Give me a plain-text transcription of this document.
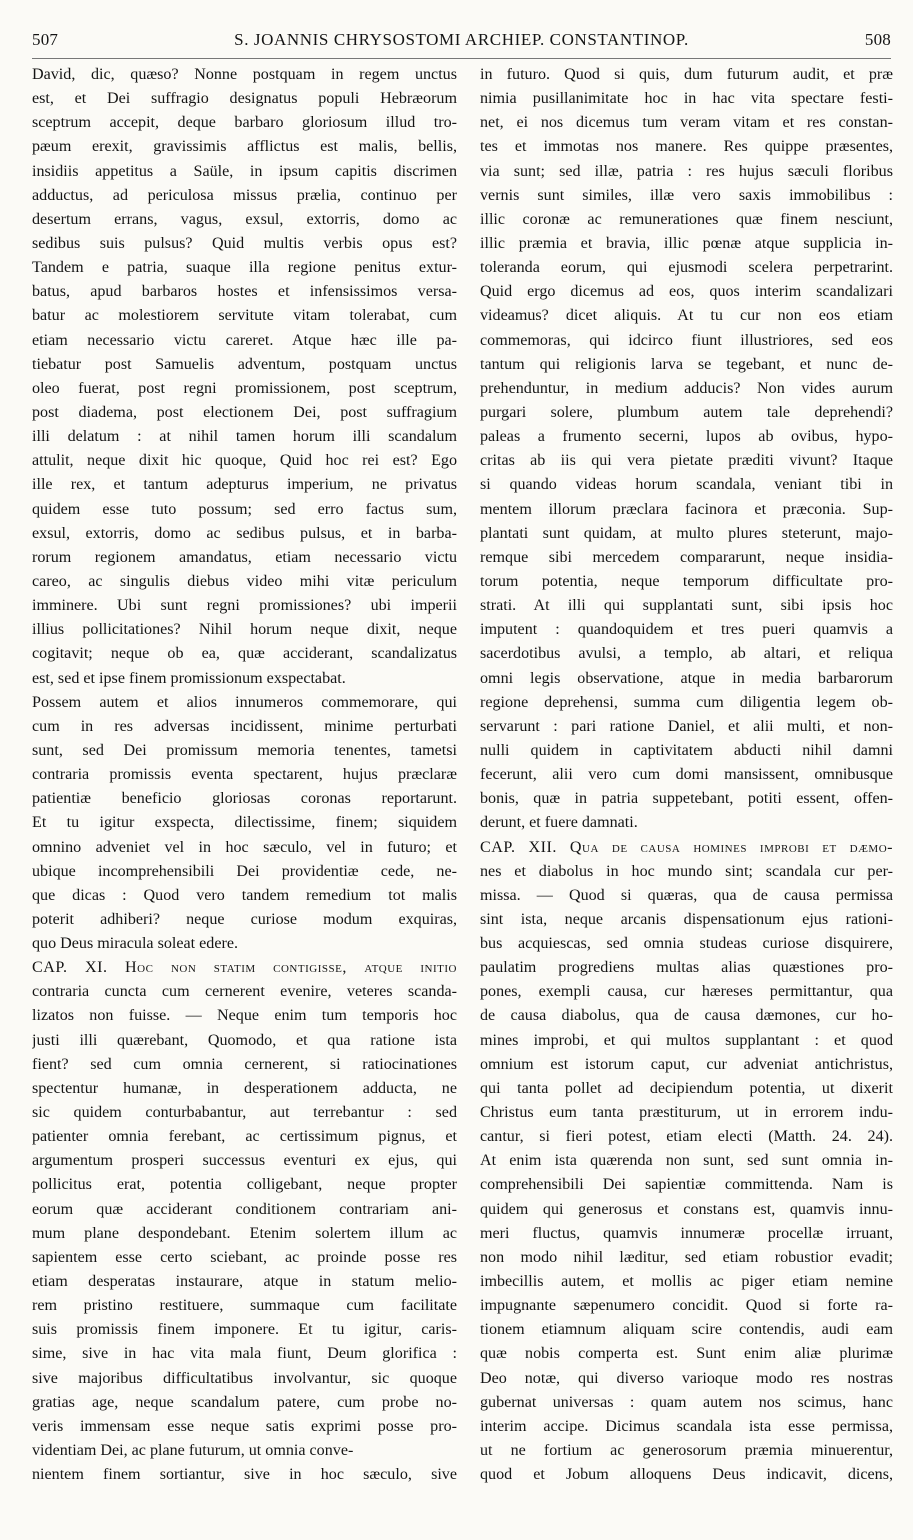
507	S. JOANNIS CHRYSOSTOMI ARCHIEP. CONSTANTINOP.	508
David, dic, quæso? Nonne postquam in regem unctus
est, et Dei suffragio designatus populi Hebræorum
sceptrum accepit, deque barbaro gloriosum illud tro-
pæum erexit, gravissimis afflictus est malis, bellis,
insidiis appetitus a Saüle, in ipsum capitis discrimen
adductus, ad periculosa missus prælia, continuo per
desertum errans, vagus, exsul, extorris, domo ac
sedibus suis pulsus? Quid multis verbis opus est?
Tandem e patria, suaque illa regione penitus extur-
batus, apud barbaros hostes et infensissimos versa-
batur ac molestiorem servitute vitam tolerabat, cum
etiam necessario victu careret. Atque hæc ille pa-
tiebatur post Samuelis adventum, postquam unctus
oleo fuerat, post regni promissionem, post sceptrum,
post diadema, post electionem Dei, post suffragium
illi delatum : at nihil tamen horum illi scandalum
attulit, neque dixit hic quoque, Quid hoc rei est? Ego
ille rex, et tantum adepturus imperium, ne privatus
quidem esse tuto possum; sed erro factus sum,
exsul, extorris, domo ac sedibus pulsus, et in barba-
rorum regionem amandatus, etiam necessario victu
careo, ac singulis diebus video mihi vitæ periculum
imminere. Ubi sunt regni promissiones? ubi imperii
illius pollicitationes? Nihil horum neque dixit, neque
cogitavit; neque ob ea, quæ acciderant, scandalizatus
est, sed et ipse finem promissionum exspectabat.
Possem autem et alios innumeros commemorare, qui
cum in res adversas incidissent, minime perturbati
sunt, sed Dei promissum memoria tenentes, tametsi
contraria promissis eventa spectarent, hujus præclaræ
patientiæ beneficio gloriosas coronas reportarunt.
Et tu igitur exspecta, dilectissime, finem; siquidem
omnino adveniet vel in hoc sæculo, vel in futuro; et
ubique incomprehensibili Dei providentiæ cede, ne-
que dicas : Quod vero tandem remedium tot malis
poterit adhiberi? neque curiose modum exquiras,
quo Deus miracula soleat edere.
CAP. XI. Hoc non statim contigisse, atque initio
contraria cuncta cum cernerent evenire, veteres scanda-
lizatos non fuisse. — Neque enim tum temporis hoc
justi illi quærebant, Quomodo, et qua ratione ista
fient? sed cum omnia cernerent, si ratiocinationes
spectentur humanæ, in desperationem adducta, ne
sic quidem conturbabantur, aut terrebantur : sed
patienter omnia ferebant, ac certissimum pignus, et
argumentum prosperi successus eventuri ex ejus, qui
pollicitus erat, potentia colligebant, neque propter
eorum quæ acciderant conditionem contrariam ani-
mum plane despondebant. Etenim solertem illum ac
sapientem esse certo sciebant, ac proinde posse res
etiam desperatas instaurare, atque in statum melio-
rem pristino restituere, summaque cum facilitate
suis promissis finem imponere. Et tu igitur, caris-
sime, sive in hac vita mala fiunt, Deum glorifica :
sive majoribus difficultatibus involvantur, sic quoque
gratias age, neque scandalum patere, cum probe no-
veris immensam esse neque satis exprimi posse pro-
videntiam Dei, ac plane futurum, ut omnia conve-
nientem finem sortiantur, sive in hoc sæculo, sive
in futuro. Quod si quis, dum futurum audit, et præ
nimia pusillanimitate hoc in hac vita spectare festi-
net, ei nos dicemus tum veram vitam et res constan-
tes et immotas nos manere. Res quippe præsentes,
via sunt; sed illæ, patria : res hujus sæculi floribus
vernis sunt similes, illæ vero saxis immobilibus :
illic coronæ ac remunerationes quæ finem nesciunt,
illic præmia et bravia, illic pœnæ atque supplicia in-
toleranda eorum, qui ejusmodi scelera perpetrarint.
Quid ergo dicemus ad eos, quos interim scandalizari
videamus? dicet aliquis. At tu cur non eos etiam
commemoras, qui idcirco fiunt illustriores, sed eos
tantum qui religionis larva se tegebant, et nunc de-
prehenduntur, in medium adducis? Non vides aurum
purgari solere, plumbum autem tale deprehendi?
paleas a frumento secerni, lupos ab ovibus, hypo-
critas ab iis qui vera pietate præditi vivunt? Itaque
si quando videas horum scandala, veniant tibi in
mentem illorum præclara facinora et præconia. Sup-
plantati sunt quidam, at multo plures steterunt, majo-
remque sibi mercedem compararunt, neque insidia-
torum potentia, neque temporum difficultate pro-
strati. At illi qui supplantati sunt, sibi ipsis hoc
imputent : quandoquidem et tres pueri quamvis a
sacerdotibus avulsi, a templo, ab altari, et reliqua
omni legis observatione, atque in media barbarorum
regione deprehensi, summa cum diligentia legem ob-
servarunt : pari ratione Daniel, et alii multi, et non-
nulli quidem in captivitatem abducti nihil damni
fecerunt, alii vero cum domi mansissent, omnibusque
bonis, quæ in patria suppetebant, potiti essent, offen-
derunt, et fuere damnati.
CAP. XII. Qua de causa homines improbi et dæmo-
nes et diabolus in hoc mundo sint; scandala cur per-
missa. — Quod si quæras, qua de causa permissa
sint ista, neque arcanis dispensationum ejus rationi-
bus acquiescas, sed omnia studeas curiose disquirere,
paulatim progrediens multas alias quæstiones pro-
pones, exempli causa, cur hæreses permittantur, qua
de causa diabolus, qua de causa dæmones, cur ho-
mines improbi, et qui multos supplantant : et quod
omnium est istorum caput, cur adveniat antichristus,
qui tanta pollet ad decipiendum potentia, ut dixerit
Christus eum tanta præstiturum, ut in errorem indu-
cantur, si fieri potest, etiam electi (Matth. 24. 24).
At enim ista quærenda non sunt, sed sunt omnia in-
comprehensibili Dei sapientiæ committenda. Nam is
quidem qui generosus et constans est, quamvis innu-
meri fluctus, quamvis innumeræ procellæ irruant,
non modo nihil læditur, sed etiam robustior evadit;
imbecillis autem, et mollis ac piger etiam nemine
impugnante sæpenumero concidit. Quod si forte ra-
tionem etiamnum aliquam scire contendis, audi eam
quæ nobis comperta est. Sunt enim aliæ plurimæ
Deo notæ, qui diverso varioque modo res nostras
gubernat universas : quam autem nos scimus, hanc
interim accipe. Dicimus scandala ista esse permissa,
ut ne fortium ac generosorum præmia minuerentur,
quod et Jobum alloquens Deus indicavit, dicens,
